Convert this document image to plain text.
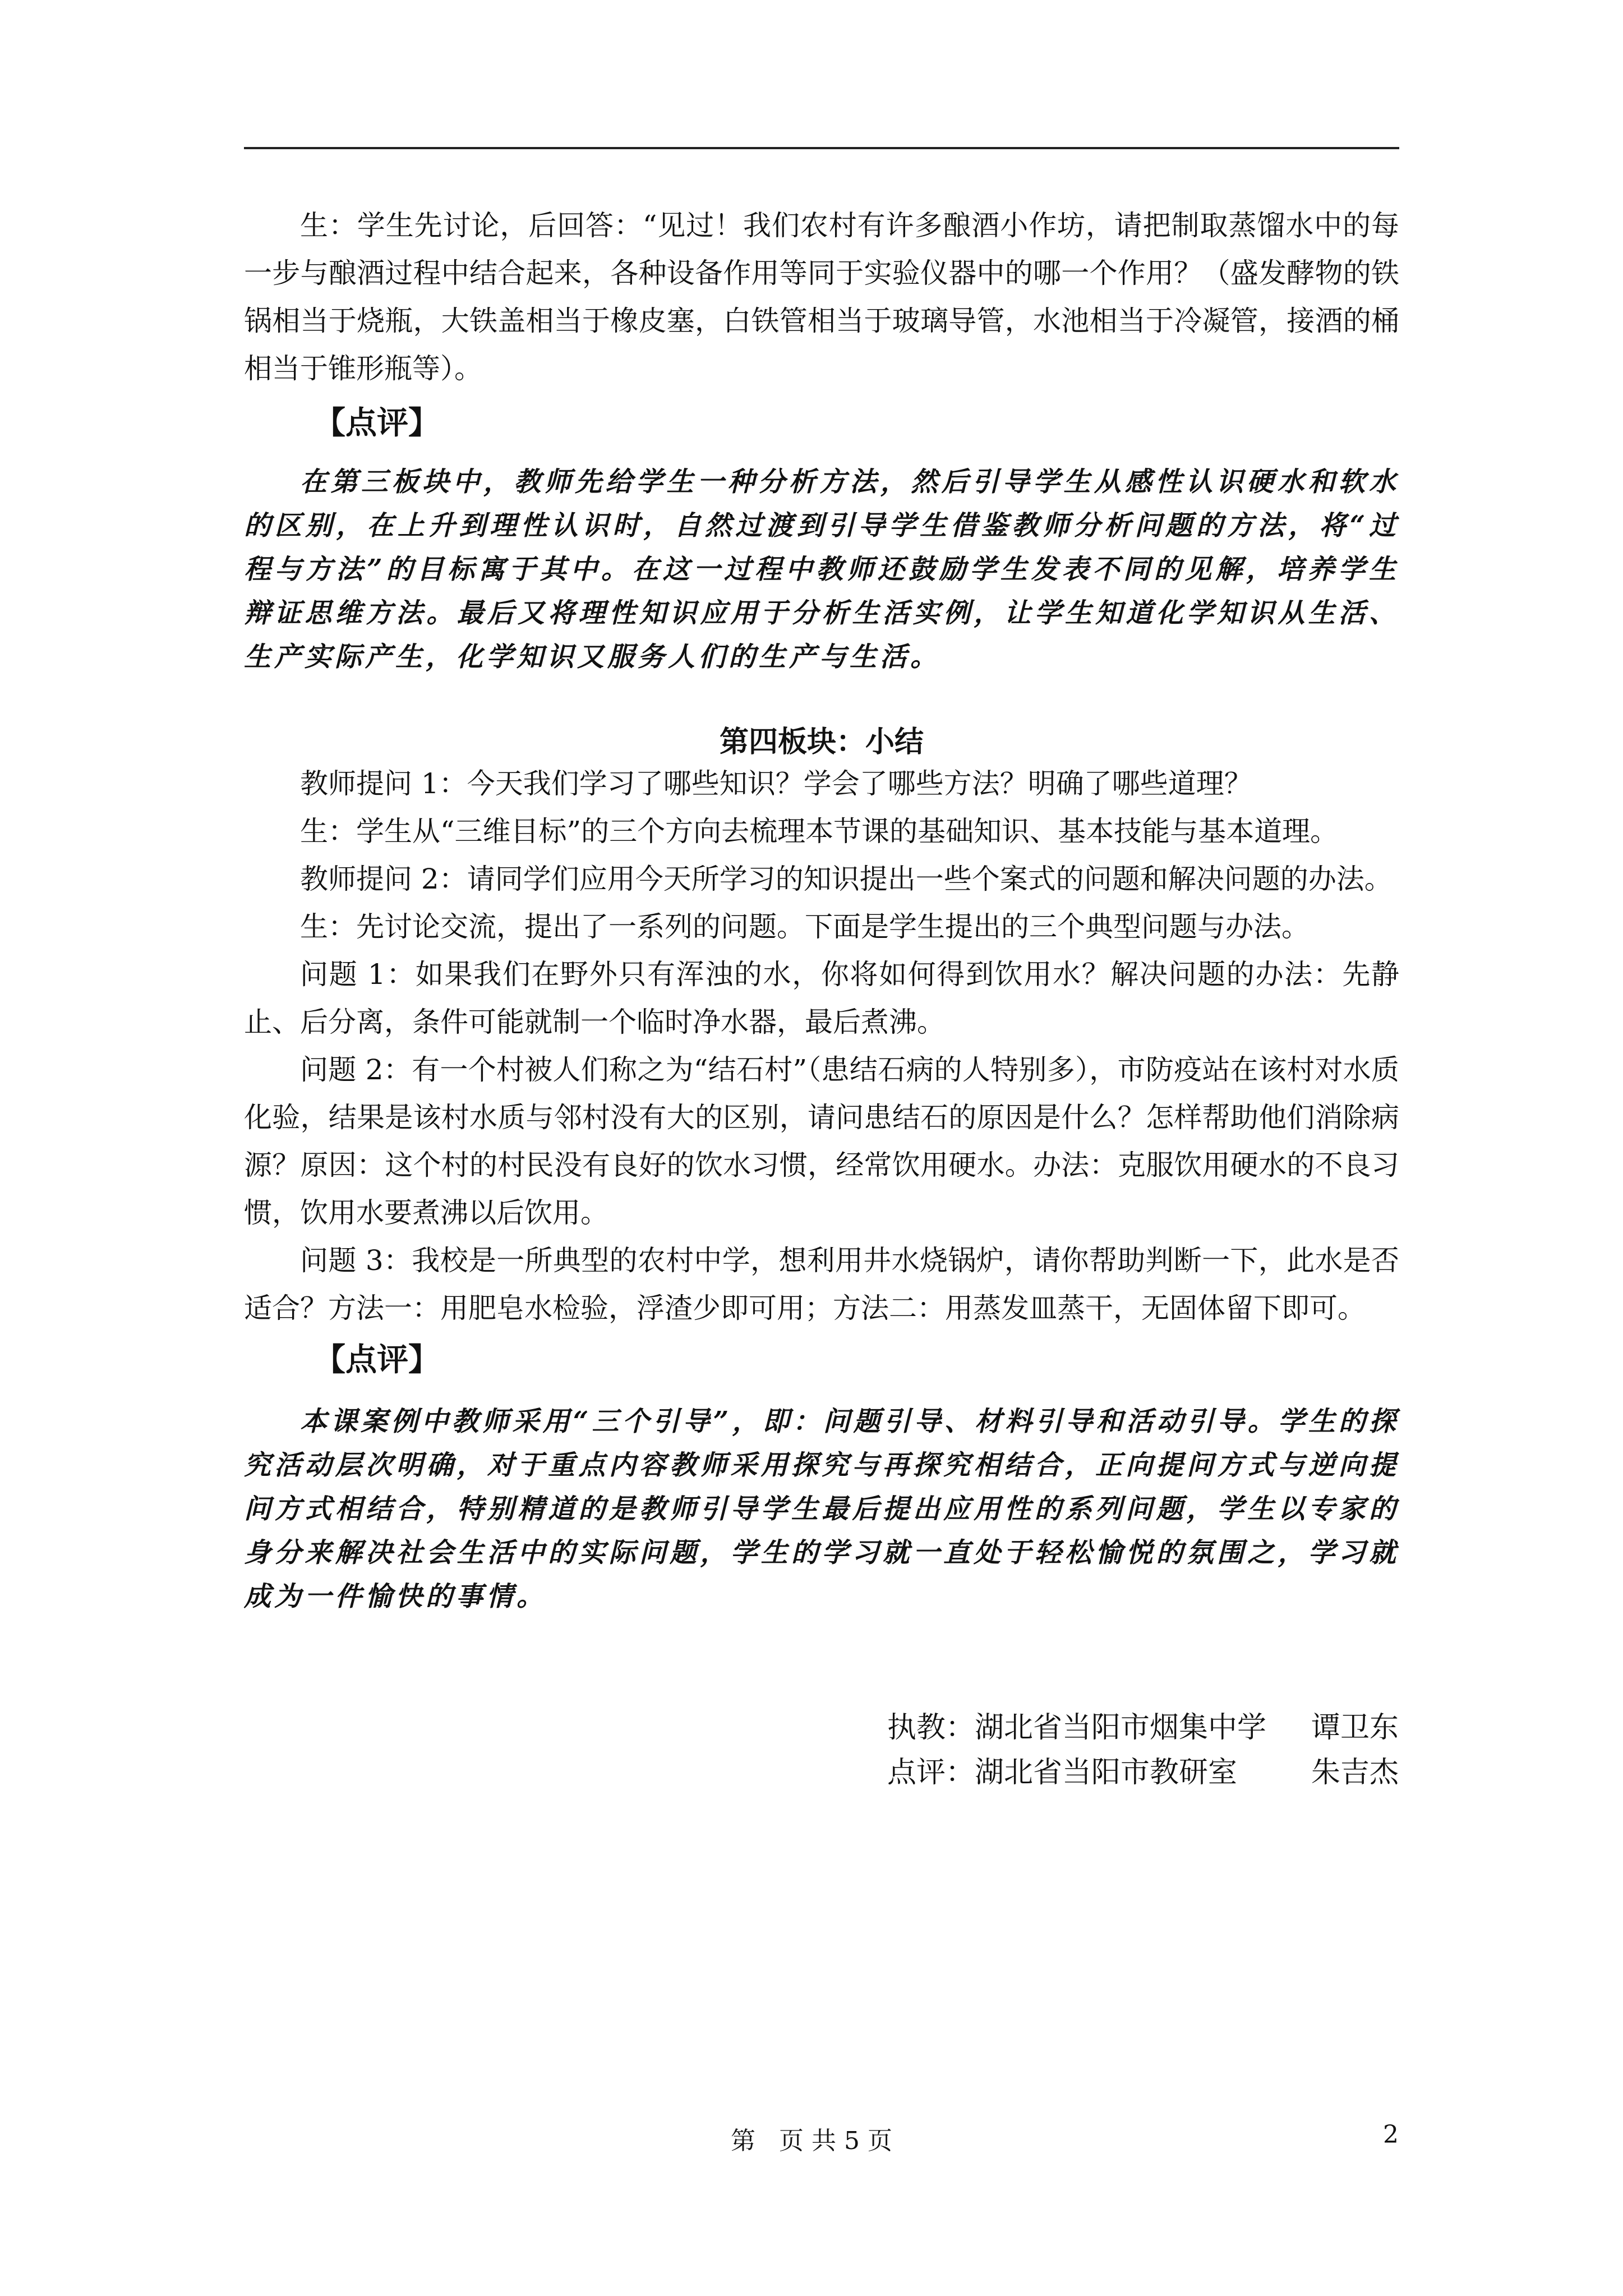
生：学生先讨论，后回答：“见过！我们农村有许多酿酒小作坊，请把制取蒸馏水中的每一步与酿酒过程中结合起来，各种设备作用等同于实验仪器中的哪一个作用？（盛发酵物的铁锅相当于烧瓶，大铁盖相当于橡皮塞，白铁管相当于玻璃导管，水池相当于冷凝管，接酒的桶相当于锥形瓶等）。

【点评】

在第三板块中，教师先给学生一种分析方法，然后引导学生从感性认识硬水和软水的区别，在上升到理性认识时，自然过渡到引导学生借鉴教师分析问题的方法，将“过程与方法”的目标寓于其中。在这一过程中教师还鼓励学生发表不同的见解，培养学生辩证思维方法。最后又将理性知识应用于分析生活实例，让学生知道化学知识从生活、生产实际产生，化学知识又服务人们的生产与生活。

第四板块：小结

教师提问 1：今天我们学习了哪些知识？学会了哪些方法？明确了哪些道理？

生：学生从“三维目标”的三个方向去梳理本节课的基础知识、基本技能与基本道理。

教师提问 2：请同学们应用今天所学习的知识提出一些个案式的问题和解决问题的办法。

生：先讨论交流，提出了一系列的问题。下面是学生提出的三个典型问题与办法。

问题 1：如果我们在野外只有浑浊的水，你将如何得到饮用水？解决问题的办法：先静止、后分离，条件可能就制一个临时净水器，最后煮沸。

问题 2：有一个村被人们称之为“结石村”（患结石病的人特别多），市防疫站在该村对水质化验，结果是该村水质与邻村没有大的区别，请问患结石的原因是什么？怎样帮助他们消除病源？原因：这个村的村民没有良好的饮水习惯，经常饮用硬水。办法：克服饮用硬水的不良习惯，饮用水要煮沸以后饮用。

问题 3：我校是一所典型的农村中学，想利用井水烧锅炉，请你帮助判断一下，此水是否适合？方法一：用肥皂水检验，浮渣少即可用；方法二：用蒸发皿蒸干，无固体留下即可。

【点评】

本课案例中教师采用“三个引导”，即：问题引导、材料引导和活动引导。学生的探究活动层次明确，对于重点内容教师采用探究与再探究相结合，正向提问方式与逆向提问方式相结合，特别精道的是教师引导学生最后提出应用性的系列问题，学生以专家的身分来解决社会生活中的实际问题，学生的学习就一直处于轻松愉悦的氛围之，学习就成为一件愉快的事情。

执教： 湖北省当阳市烟集中学	谭卫东
点评： 湖北省当阳市教研室	朱吉杰
第   页 共 5 页	2
